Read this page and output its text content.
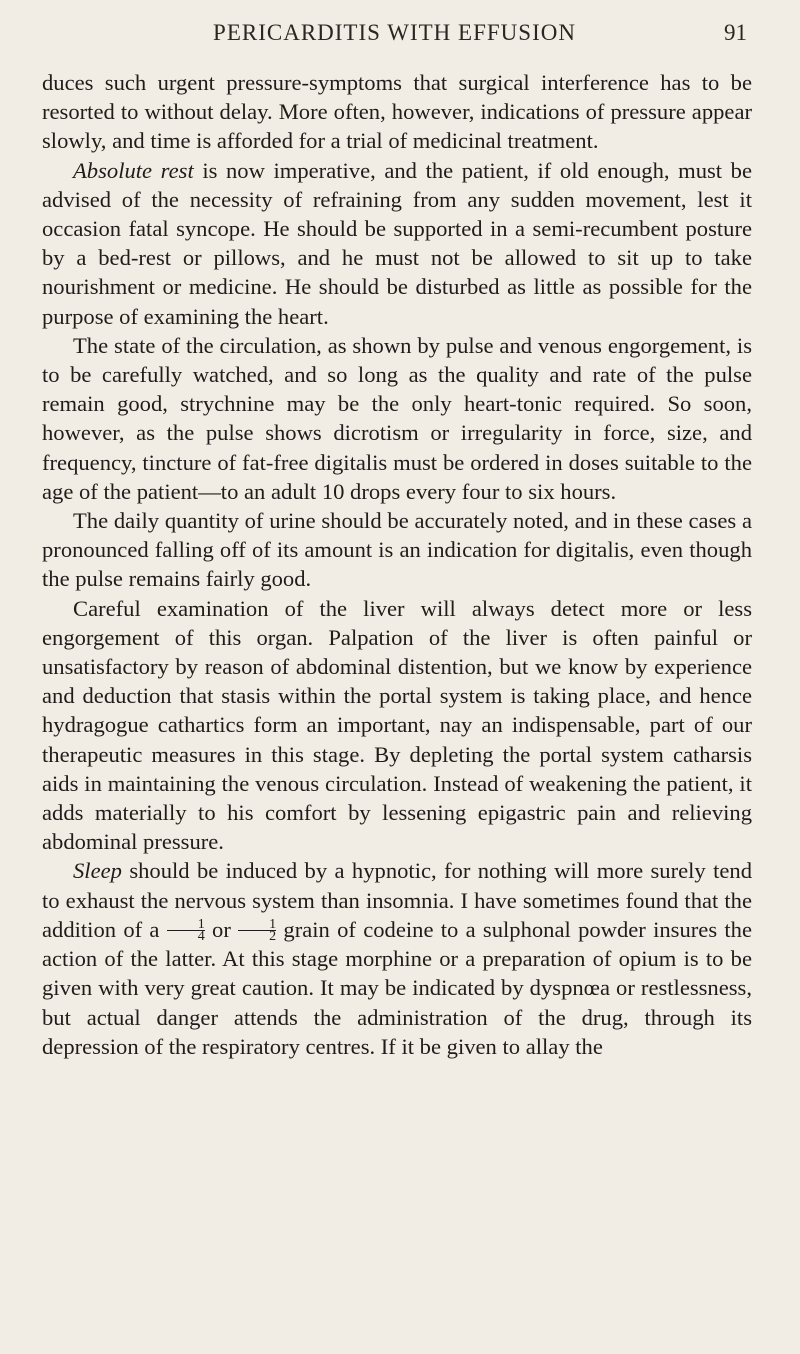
PERICARDITIS WITH EFFUSION	91

duces such urgent pressure-symptoms that surgical interference has to be resorted to without delay. More often, however, indications of pressure appear slowly, and time is afforded for a trial of medicinal treatment.

Absolute rest is now imperative, and the patient, if old enough, must be advised of the necessity of refraining from any sudden movement, lest it occasion fatal syncope. He should be supported in a semi-recumbent posture by a bed-rest or pillows, and he must not be allowed to sit up to take nourishment or medicine. He should be disturbed as little as possible for the purpose of examining the heart.

The state of the circulation, as shown by pulse and venous engorgement, is to be carefully watched, and so long as the quality and rate of the pulse remain good, strychnine may be the only heart-tonic required. So soon, however, as the pulse shows dicrotism or irregularity in force, size, and frequency, tincture of fat-free digitalis must be ordered in doses suitable to the age of the patient—to an adult 10 drops every four to six hours.

The daily quantity of urine should be accurately noted, and in these cases a pronounced falling off of its amount is an indication for digitalis, even though the pulse remains fairly good.

Careful examination of the liver will always detect more or less engorgement of this organ. Palpation of the liver is often painful or unsatisfactory by reason of abdominal distention, but we know by experience and deduction that stasis within the portal system is taking place, and hence hydragogue cathartics form an important, nay an indispensable, part of our therapeutic measures in this stage. By depleting the portal system catharsis aids in maintaining the venous circulation. Instead of weakening the patient, it adds materially to his comfort by lessening epigastric pain and relieving abdominal pressure.

Sleep should be induced by a hypnotic, for nothing will more surely tend to exhaust the nervous system than insomnia. I have sometimes found that the addition of a $\frac{1}{4}$ or $\frac{1}{2}$ grain of codeine to a sulphonal powder insures the action of the latter. At this stage morphine or a preparation of opium is to be given with very great caution. It may be indicated by dyspnœa or restlessness, but actual danger attends the administration of the drug, through its depression of the respiratory centres. If it be given to allay the
